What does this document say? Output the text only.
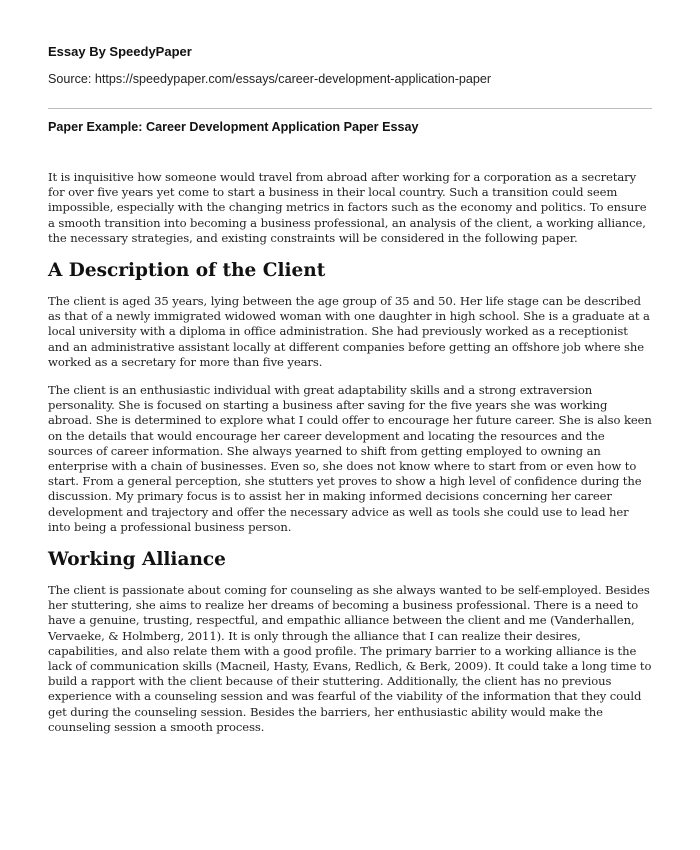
Essay By SpeedyPaper
Source: https://speedypaper.com/essays/career-development-application-paper
Paper Example: Career Development Application Paper Essay

It is inquisitive how someone would travel from abroad after working for a corporation as a secretary for over five years yet come to start a business in their local country. Such a transition could seem impossible, especially with the changing metrics in factors such as the economy and politics. To ensure a smooth transition into becoming a business professional, an analysis of the client, a working alliance, the necessary strategies, and existing constraints will be considered in the following paper.

A Description of the Client

The client is aged 35 years, lying between the age group of 35 and 50. Her life stage can be described as that of a newly immigrated widowed woman with one daughter in high school. She is a graduate at a local university with a diploma in office administration. She had previously worked as a receptionist and an administrative assistant locally at different companies before getting an offshore job where she worked as a secretary for more than five years.

The client is an enthusiastic individual with great adaptability skills and a strong extraversion personality. She is focused on starting a business after saving for the five years she was working abroad. She is determined to explore what I could offer to encourage her future career. She is also keen on the details that would encourage her career development and locating the resources and the sources of career information. She always yearned to shift from getting employed to owning an enterprise with a chain of businesses. Even so, she does not know where to start from or even how to start. From a general perception, she stutters yet proves to show a high level of confidence during the discussion. My primary focus is to assist her in making informed decisions concerning her career development and trajectory and offer the necessary advice as well as tools she could use to lead her into being a professional business person.

Working Alliance

The client is passionate about coming for counseling as she always wanted to be self-employed. Besides her stuttering, she aims to realize her dreams of becoming a business professional. There is a need to have a genuine, trusting, respectful, and empathic alliance between the client and me (Vanderhallen, Vervaeke, & Holmberg, 2011). It is only through the alliance that I can realize their desires, capabilities, and also relate them with a good profile. The primary barrier to a working alliance is the lack of communication skills (Macneil, Hasty, Evans, Redlich, & Berk, 2009). It could take a long time to build a rapport with the client because of their stuttering. Additionally, the client has no previous experience with a counseling session and was fearful of the viability of the information that they could get during the counseling session. Besides the barriers, her enthusiastic ability would make the counseling session a smooth process.
